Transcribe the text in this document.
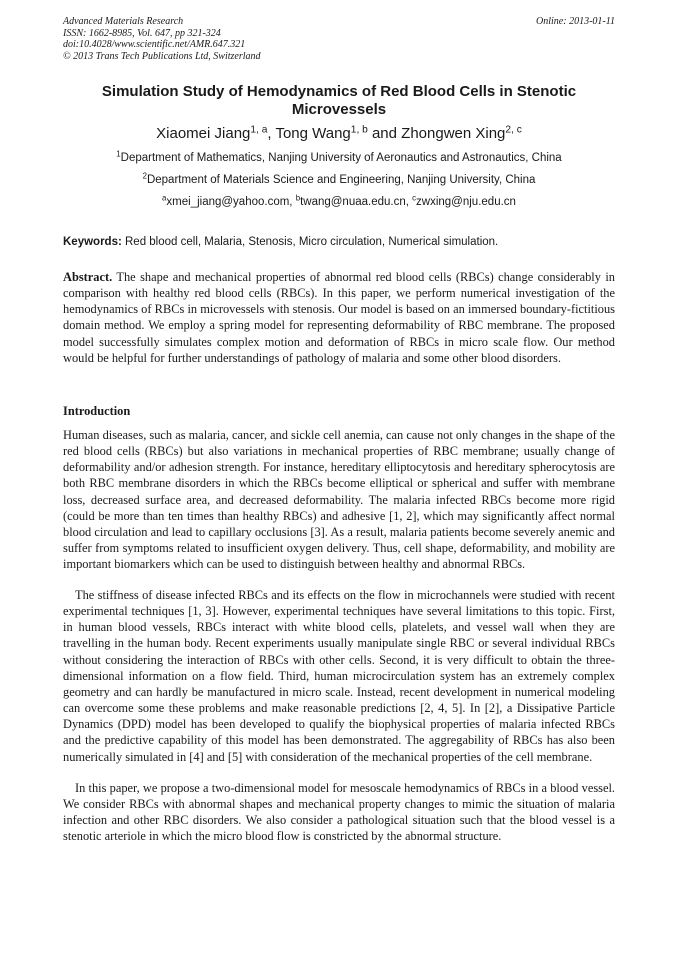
Advanced Materials Research
ISSN: 1662-8985, Vol. 647, pp 321-324
doi:10.4028/www.scientific.net/AMR.647.321
© 2013 Trans Tech Publications Ltd, Switzerland
Online: 2013-01-11
Simulation Study of Hemodynamics of Red Blood Cells in Stenotic Microvessels
Xiaomei Jiang$^{1, a}$, Tong Wang$^{1, b}$ and Zhongwen Xing$^{2, c}$
$^1$Department of Mathematics, Nanjing University of Aeronautics and Astronautics, China
$^2$Department of Materials Science and Engineering, Nanjing University, China
$^a$xmei_jiang@yahoo.com, $^b$twang@nuaa.edu.cn, $^c$zwxing@nju.edu.cn
Keywords: Red blood cell, Malaria, Stenosis, Micro circulation, Numerical simulation.
Abstract. The shape and mechanical properties of abnormal red blood cells (RBCs) change considerably in comparison with healthy red blood cells (RBCs). In this paper, we perform numerical investigation of the hemodynamics of RBCs in microvessels with stenosis. Our model is based on an immersed boundary-fictitious domain method. We employ a spring model for representing deformability of RBC membrane. The proposed model successfully simulates complex motion and deformation of RBCs in micro scale flow. Our method would be helpful for further understandings of pathology of malaria and some other blood disorders.
Introduction
Human diseases, such as malaria, cancer, and sickle cell anemia, can cause not only changes in the shape of the red blood cells (RBCs) but also variations in mechanical properties of RBC membrane; usually change of deformability and/or adhesion strength. For instance, hereditary elliptocytosis and hereditary spherocytosis are both RBC membrane disorders in which the RBCs become elliptical or spherical and suffer with membrane loss, decreased surface area, and decreased deformability. The malaria infected RBCs become more rigid (could be more than ten times than healthy RBCs) and adhesive [1, 2], which may significantly affect normal blood circulation and lead to capillary occlusions [3]. As a result, malaria patients become severely anemic and suffer from symptoms related to insufficient oxygen delivery. Thus, cell shape, deformability, and mobility are important biomarkers which can be used to distinguish between healthy and abnormal RBCs.
The stiffness of disease infected RBCs and its effects on the flow in microchannels were studied with recent experimental techniques [1, 3]. However, experimental techniques have several limitations to this topic. First, in human blood vessels, RBCs interact with white blood cells, platelets, and vessel wall when they are travelling in the human body. Recent experiments usually manipulate single RBC or several individual RBCs without considering the interaction of RBCs with other cells. Second, it is very difficult to obtain the three-dimensional information on a flow field. Third, human microcirculation system has an extremely complex geometry and can hardly be manufactured in micro scale. Instead, recent development in numerical modeling can overcome some these problems and make reasonable predictions [2, 4, 5]. In [2], a Dissipative Particle Dynamics (DPD) model has been developed to qualify the biophysical properties of malaria infected RBCs and the predictive capability of this model has been demonstrated. The aggregability of RBCs has also been numerically simulated in [4] and [5] with consideration of the mechanical properties of the cell membrane.
In this paper, we propose a two-dimensional model for mesoscale hemodynamics of RBCs in a blood vessel. We consider RBCs with abnormal shapes and mechanical property changes to mimic the situation of malaria infection and other RBC disorders. We also consider a pathological situation such that the blood vessel is a stenotic arteriole in which the micro blood flow is constricted by the abnormal structure.
